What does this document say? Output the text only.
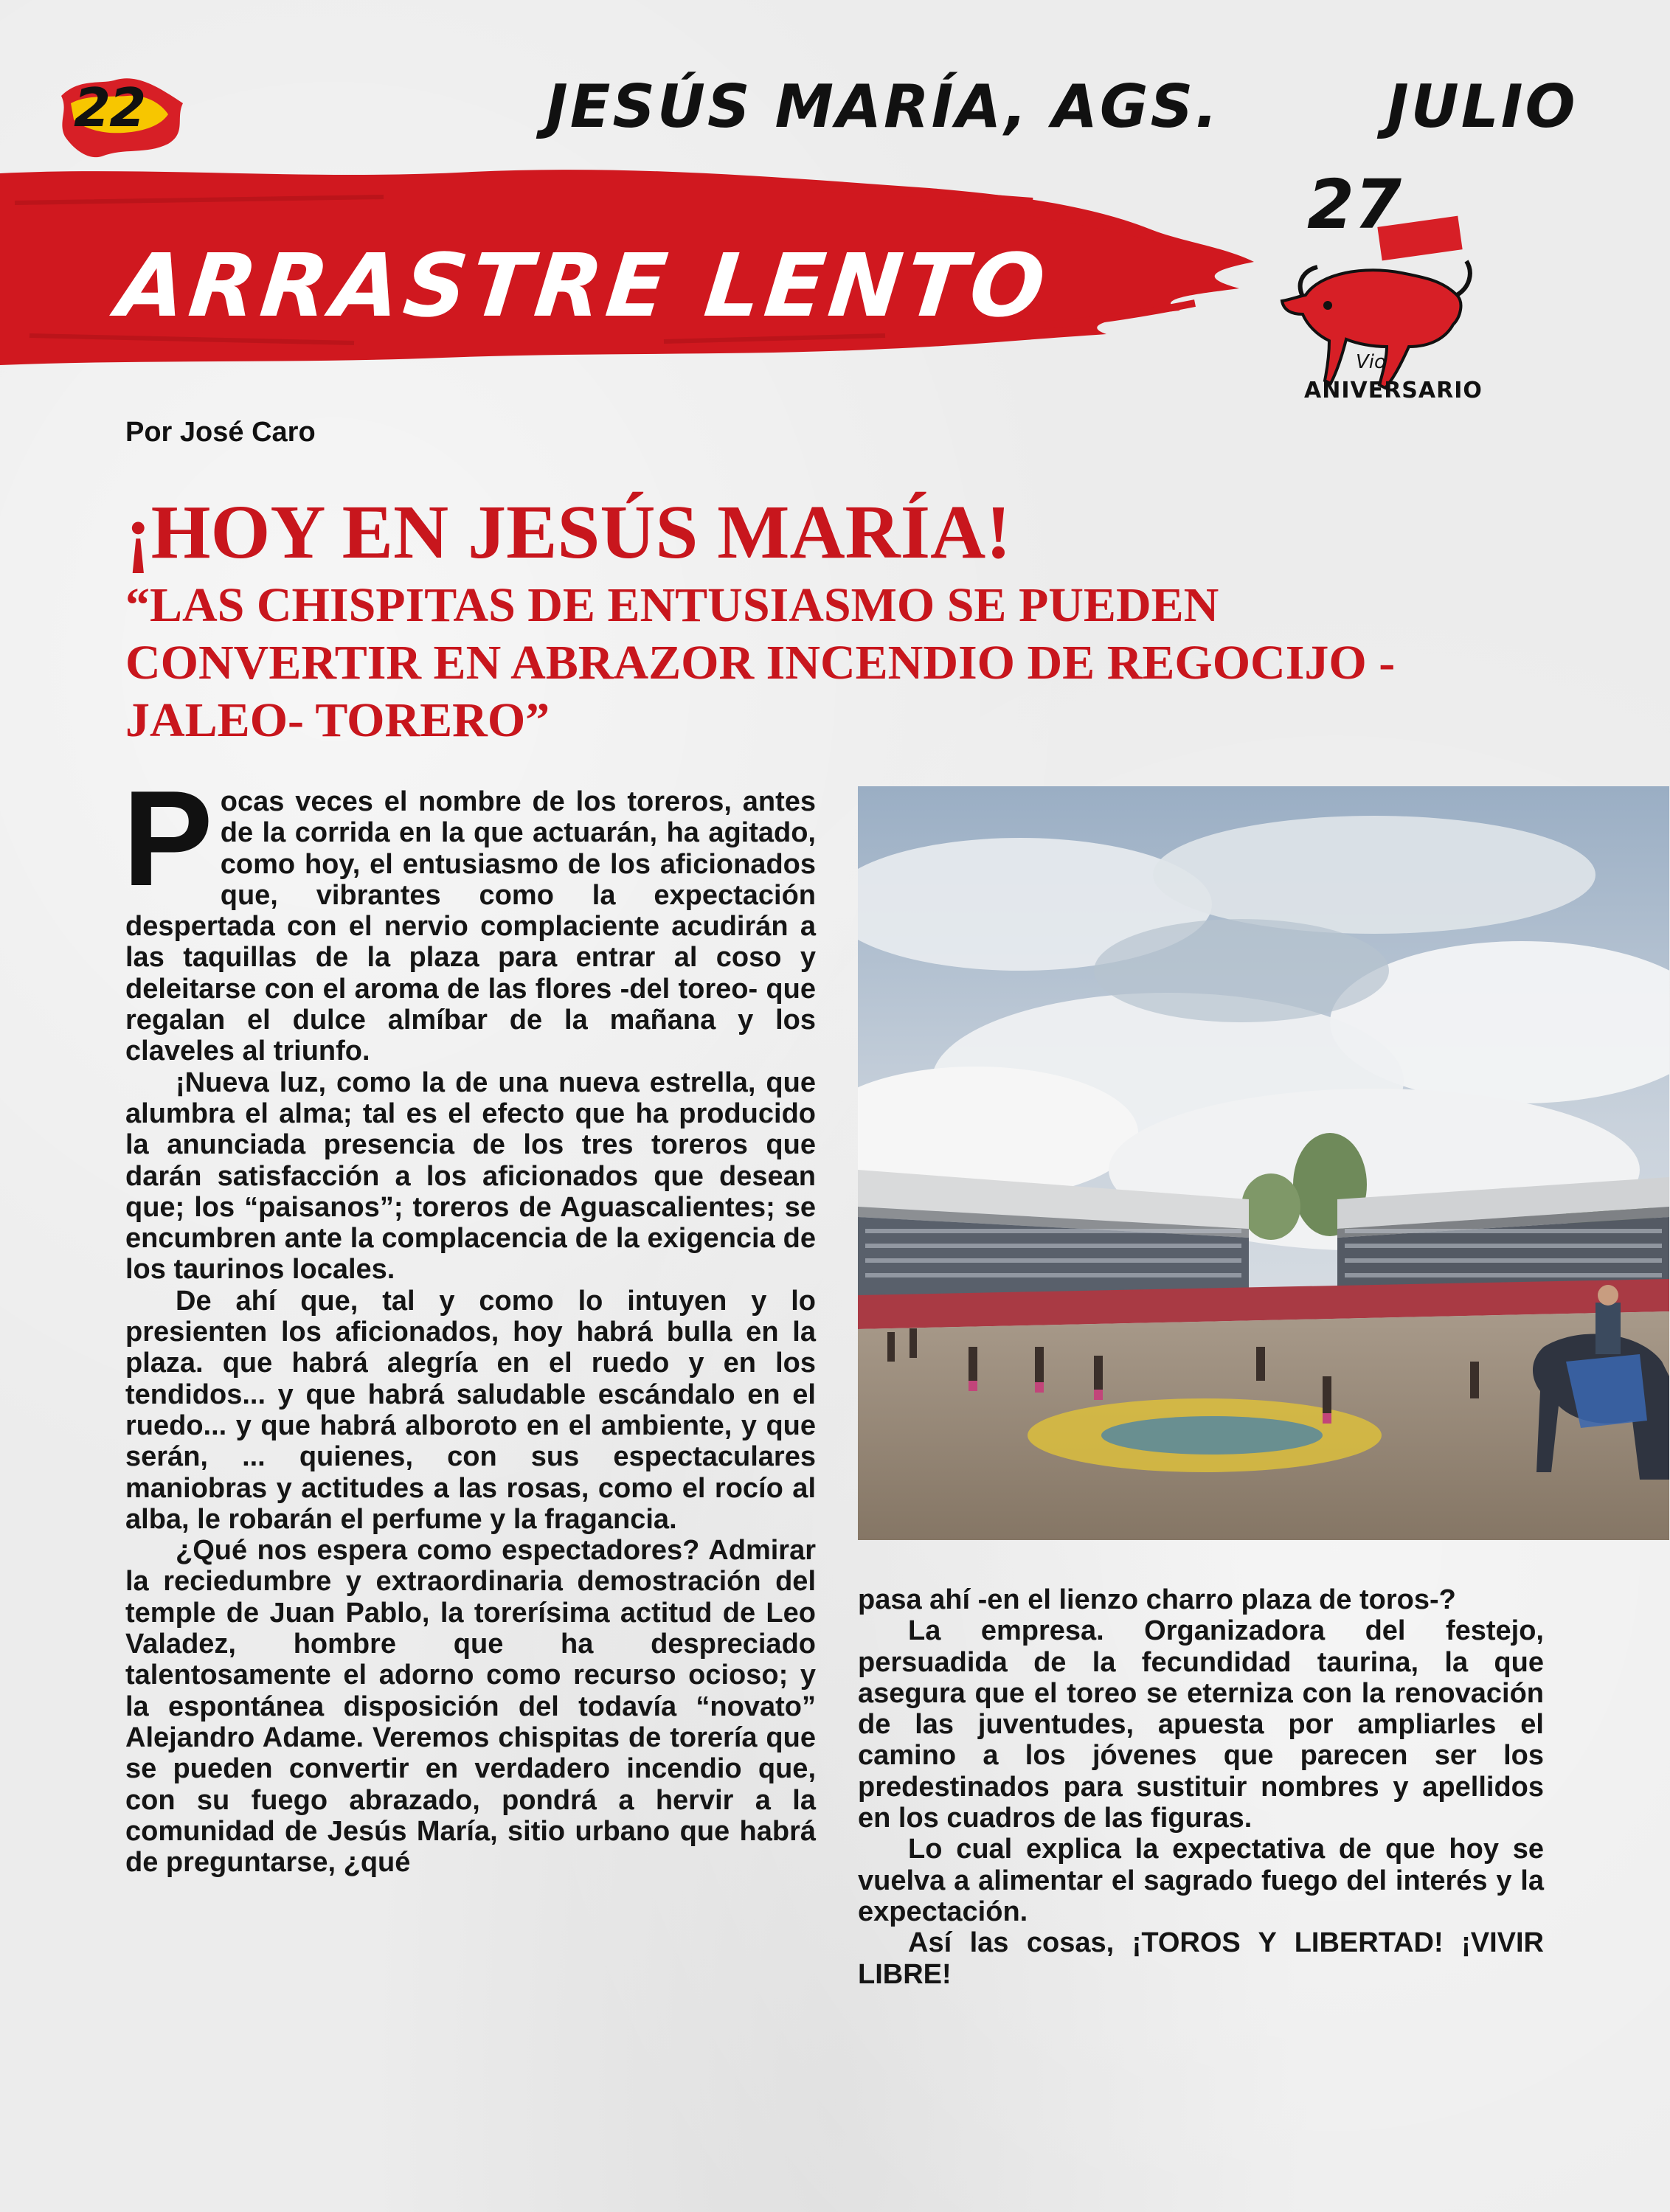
22	JESÚS MARÍA, AGS.	JULIO
ARRASTRE LENTO
27
Vio
ANIVERSARIO
Por José Caro
¡HOY EN JESÚS MARÍA!
“LAS CHISPITAS DE ENTUSIASMO SE PUEDEN CONVERTIR EN ABRAZOR INCENDIO DE REGOCIJO -JALEO- TORERO”

Pocas veces el nombre de los toreros, antes de la corrida en la que actuarán, ha agitado, como hoy, el entusiasmo de los aficionados que, vibrantes como la expectación despertada con el nervio complaciente acudirán a las taquillas de la plaza para entrar al coso y deleitarse con el aroma de las flores -del toreo- que regalan el dulce almíbar de la mañana y los claveles al triunfo.

¡Nueva luz, como la de una nueva estrella, que alumbra el alma; tal es el efecto que ha producido la anunciada presencia de los tres toreros que darán satisfacción a los aficionados que desean que; los “paisanos”; toreros de Aguascalientes; se encumbren ante la complacencia de la exigencia de los taurinos locales.

De ahí que, tal y como lo intuyen y lo presienten los aficionados, hoy habrá bulla en la plaza. que habrá alegría en el ruedo y en los tendidos... y que habrá saludable escándalo en el ruedo... y que habrá alboroto en el ambiente, y que serán, ... quienes, con sus espectaculares maniobras y actitudes a las rosas, como el rocío al alba, le robarán el perfume y la fragancia.

¿Qué nos espera como espectadores? Admirar la reciedumbre y extraordinaria demostración del temple de Juan Pablo, la torerísima actitud de Leo Valadez, hombre que ha despreciado talentosamente el adorno como recurso ocioso; y la espontánea disposición del todavía “novato” Alejandro Adame. Veremos chispitas de torería que se pueden convertir en verdadero incendio que, con su fuego abrazado, pondrá a hervir a la comunidad de Jesús María, sitio urbano que habrá de preguntarse, ¿qué

pasa ahí -en el lienzo charro plaza de toros-?

La empresa. Organizadora del festejo, persuadida de la fecundidad taurina, la que asegura que el toreo se eterniza con la renovación de las juventudes, apuesta por ampliarles el camino a los jóvenes que parecen ser los predestinados para sustituir nombres y apellidos en los cuadros de las figuras.

Lo cual explica la expectativa de que hoy se vuelva a alimentar el sagrado fuego del interés y la expectación.

Así las cosas, ¡TOROS Y LIBERTAD! ¡VIVIR LIBRE!
